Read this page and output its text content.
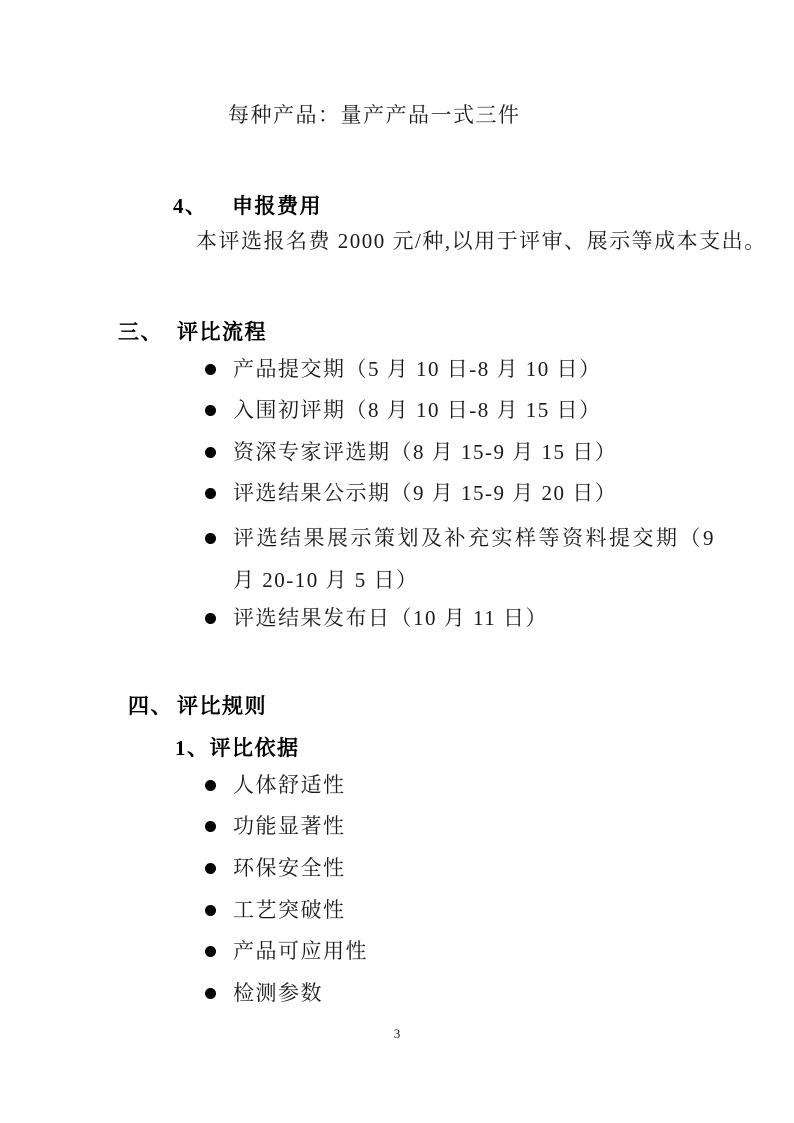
每种产品：量产产品一式三件
4、 申报费用
本评选报名费 2000 元/种,以用于评审、展示等成本支出。
三、 评比流程
产品提交期（5 月 10 日-8 月 10 日）
入围初评期（8 月 10 日-8 月 15 日）
资深专家评选期（8 月 15-9 月 15 日）
评选结果公示期（9 月 15-9 月 20 日）
评选结果展示策划及补充实样等资料提交期（9 月 20-10 月 5 日）
评选结果发布日（10 月 11 日）
四、 评比规则
1、评比依据
人体舒适性
功能显著性
环保安全性
工艺突破性
产品可应用性
检测参数
3
